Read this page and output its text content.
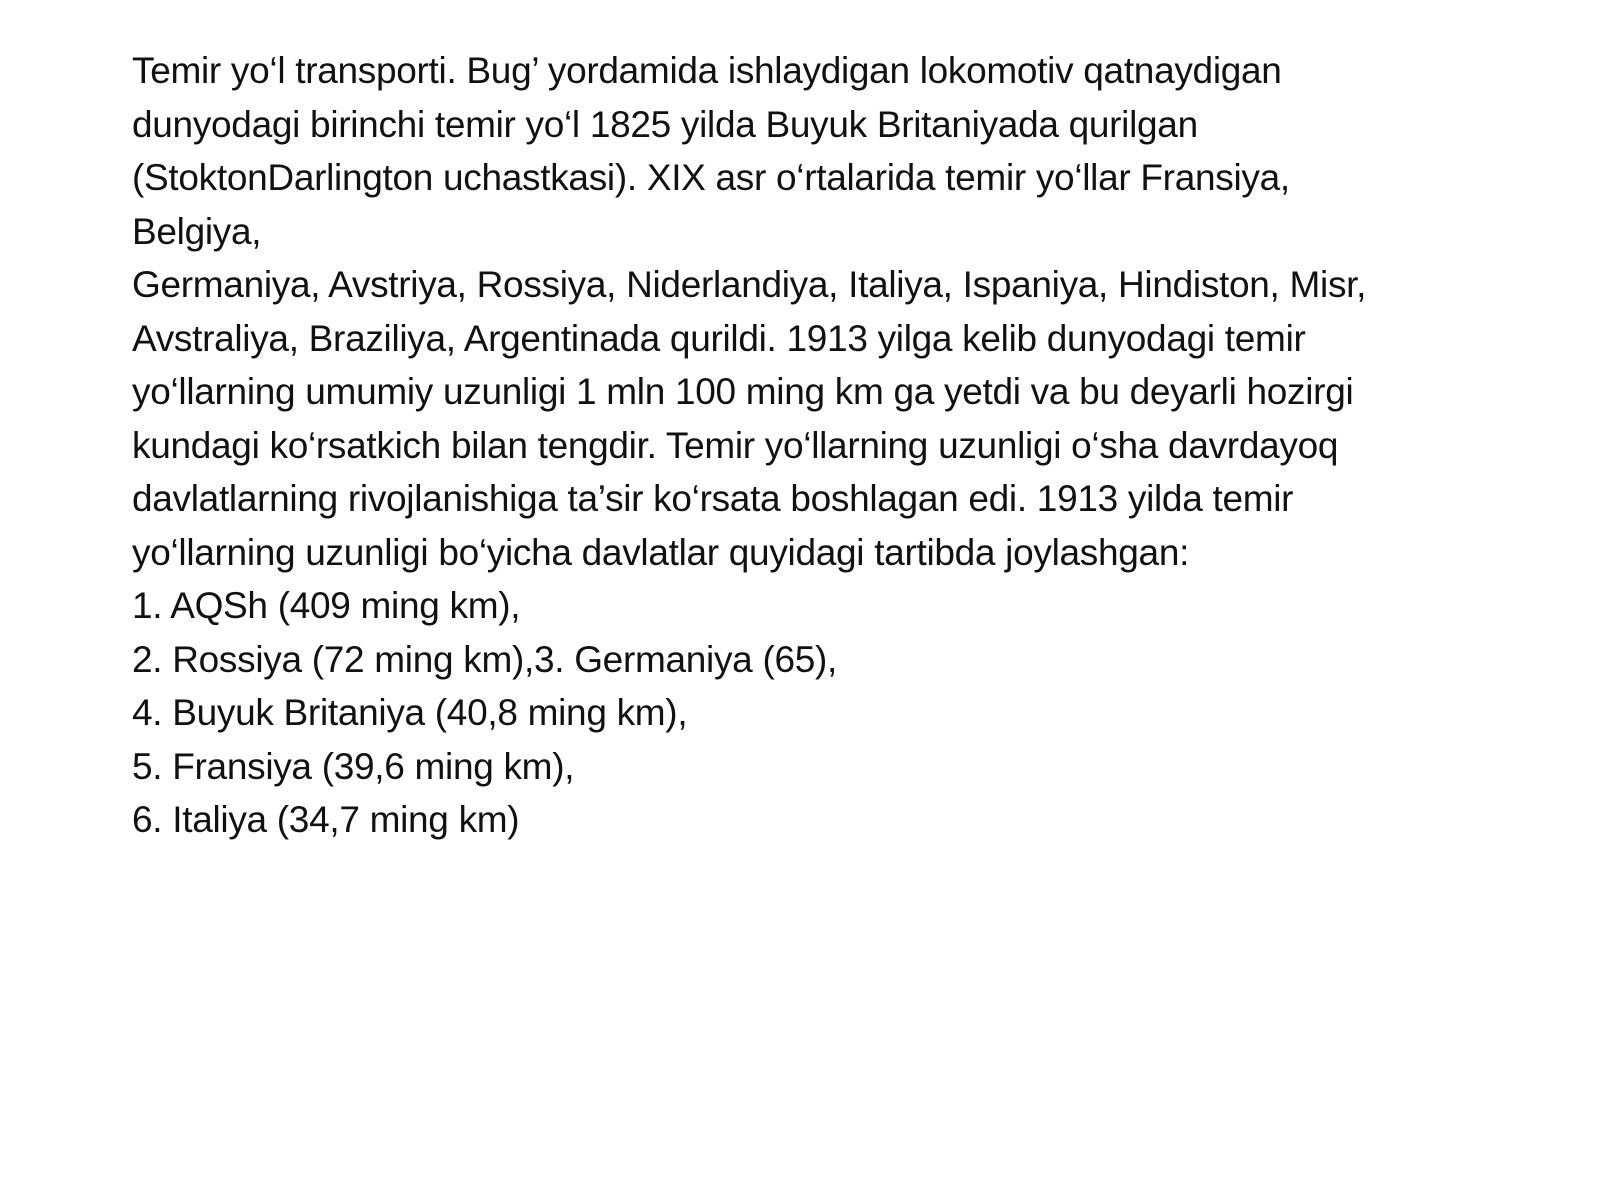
Temir yo‘l transporti. Bug’ yordamida ishlaydigan lokomotiv qatnaydigan
dunyodagi birinchi temir yo‘l 1825 yilda Buyuk Britaniyada qurilgan
(StoktonDarlington uchastkasi). XIX asr o‘rtalarida temir yo‘llar Fransiya,
Belgiya,
Germaniya, Avstriya, Rossiya, Niderlandiya, Italiya, Ispaniya, Hindiston, Misr,
Avstraliya, Braziliya, Argentinada qurildi. 1913 yilga kelib dunyodagi temir
yo‘llarning umumiy uzunligi 1 mln 100 ming km ga yetdi va bu deyarli hozirgi
kundagi ko‘rsatkich bilan tengdir. Temir yo‘llarning uzunligi o‘sha davrdayoq
davlatlarning rivojlanishiga ta’sir ko‘rsata boshlagan edi. 1913 yilda temir
yo‘llarning uzunligi bo‘yicha davlatlar quyidagi tartibda joylashgan:
1. AQSh (409 ming km),
2. Rossiya (72 ming km),3. Germaniya (65),
4. Buyuk Britaniya (40,8 ming km),
5. Fransiya (39,6 ming km),
6. Italiya (34,7 ming km)
